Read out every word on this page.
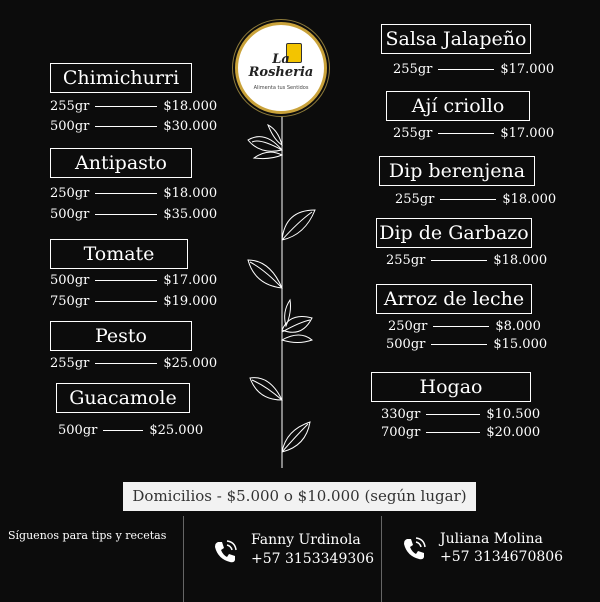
La Rosheria
Alimenta tus Sentidos
Chimichurri
255gr	$18.000
500gr	$30.000
Antipasto
250gr	$18.000
500gr	$35.000
Tomate
500gr	$17.000
750gr	$19.000
Pesto
255gr	$25.000
Guacamole
500gr	$25.000
Salsa Jalapeño
255gr	$17.000
Ají criollo
255gr	$17.000
Dip berenjena
255gr	$18.000
Dip de Garbazo
255gr	$18.000
Arroz de leche
250gr	$8.000
500gr	$15.000
Hogao
330gr	$10.500
700gr	$20.000
Domicilios - $5.000 o $10.000 (según lugar)
Síguenos para tips y recetas	Fanny Urdinola
+57 3153349306
Juliana Molina
+57 3134670806
